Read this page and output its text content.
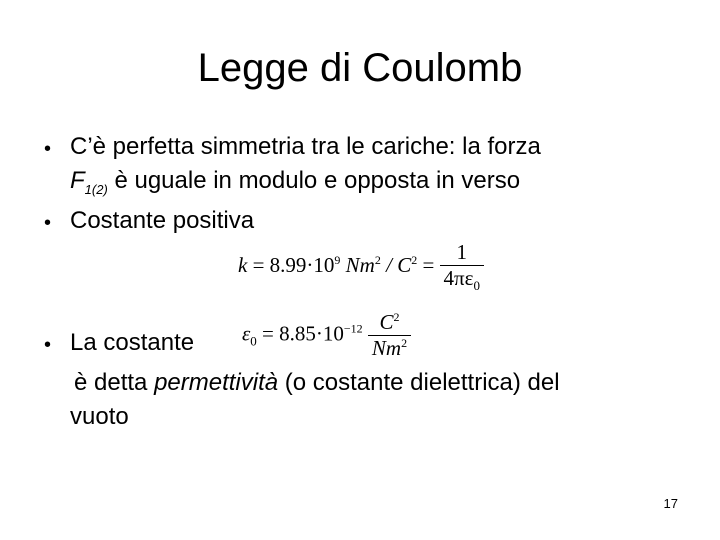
Legge di Coulomb
• C’è perfetta simmetria tra le cariche: la forza
$F_{1(2)}$ è uguale in modulo e opposta in verso
• Costante positiva
$k = 8.99\cdot 10^9$ $Nm^2 / C^2 = \frac{1}{4\pi\varepsilon_0}$
• La costante $\varepsilon_0 = 8.85\cdot 10^{-12} \frac{C^2}{Nm^2}$
è detta permettività (o costante dielettrica) del
vuoto
17
